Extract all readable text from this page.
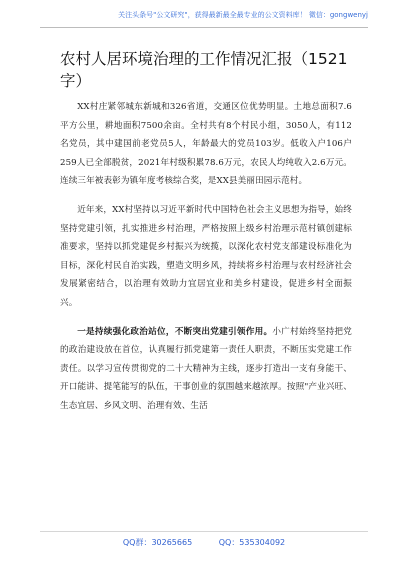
关注头条号"公文研究"，获得最新最全最专业的公文资料库！ 微信：gongwenyj
农村人居环境治理的工作情况汇报（1521字）

XX村庄紧邻城东新城和326省道，交通区位优势明显。土地总面积7.6平方公里，耕地面积7500余亩。全村共有8个村民小组，3050人，有112名党员，其中建国前老党员5人，年龄最大的党员103岁。低收入户106户259人已全部脱贫，2021年村级积累78.6万元，农民人均纯收入2.6万元。连续三年被表彰为镇年度考核综合奖，是XX县美丽田园示范村。

近年来，XX村坚持以习近平新时代中国特色社会主义思想为指导，始终坚持党建引领，扎实推进乡村治理，严格按照上级乡村治理示范村镇创建标准要求，坚持以抓党建促乡村振兴为统揽，以深化农村党支部建设标准化为目标，深化村民自治实践，塑造文明乡风，持续将乡村治理与农村经济社会发展紧密结合，以治理有效助力宜居宜业和美乡村建设，促进乡村全面振兴。

一是持续强化政治站位，不断突出党建引领作用。小广村始终坚持把党的政治建设放在首位，认真履行抓党建第一责任人职责，不断压实党建工作责任。以学习宣传贯彻党的二十大精神为主线，逐步打造出一支有身能干、开口能讲、提笔能写的队伍，干事创业的氛围越来越浓厚。按照"产业兴旺、生态宜居、乡风文明、治理有效、生活

QQ群：30265665	QQ：535304092
